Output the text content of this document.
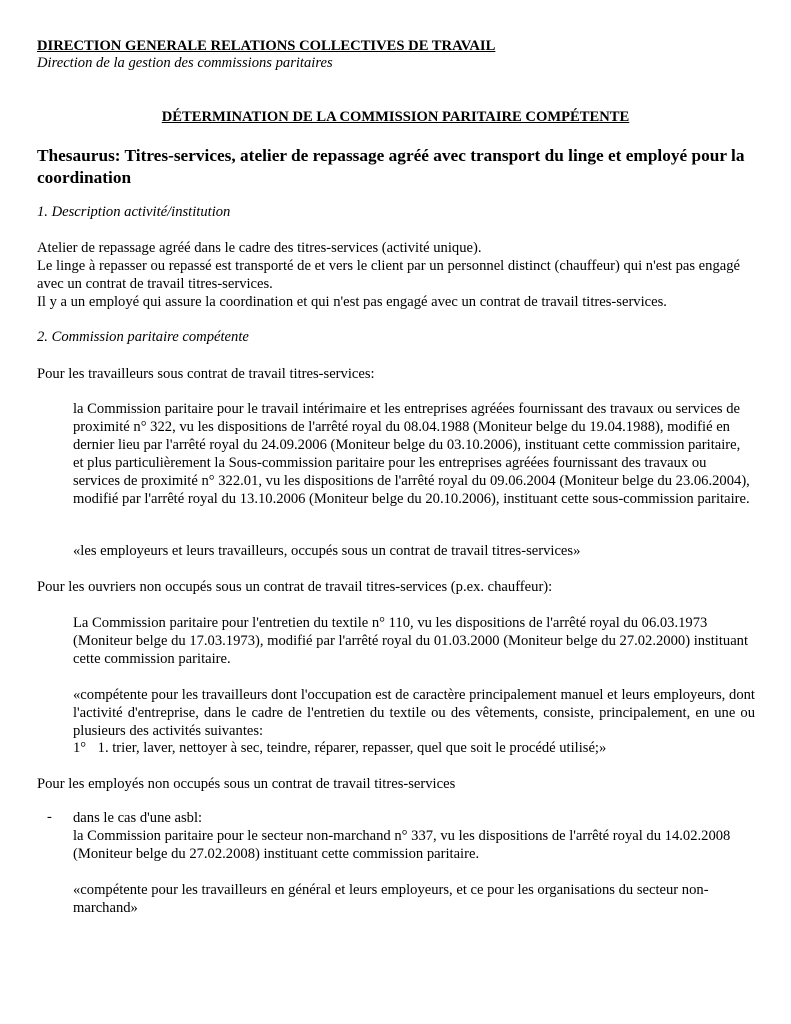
DIRECTION GENERALE RELATIONS COLLECTIVES DE TRAVAIL
Direction de la gestion des commissions paritaires
DÉTERMINATION DE LA COMMISSION PARITAIRE COMPÉTENTE
Thesaurus: Titres-services, atelier de repassage agréé avec transport du linge et employé pour la coordination
1. Description activité/institution
Atelier de repassage agréé dans le cadre des titres-services (activité unique).
Le linge à repasser ou repassé est transporté de et vers le client par un personnel distinct (chauffeur) qui n'est pas engagé avec un contrat de travail titres-services.
Il y a un employé qui assure la coordination et qui n'est pas engagé avec un contrat de travail titres-services.
2. Commission paritaire compétente
Pour les travailleurs sous contrat de travail titres-services:
la Commission paritaire pour le travail intérimaire et les entreprises agréées fournissant des travaux ou services de proximité n° 322, vu les dispositions de l'arrêté royal du 08.04.1988 (Moniteur belge du 19.04.1988), modifié en dernier lieu par l'arrêté royal du 24.09.2006 (Moniteur belge du 03.10.2006), instituant cette commission paritaire, et plus particulièrement la Sous-commission paritaire pour les entreprises agréées fournissant des travaux ou services de proximité n° 322.01, vu les dispositions de l'arrêté royal du 09.06.2004 (Moniteur belge du 23.06.2004), modifié par l'arrêté royal du 13.10.2006 (Moniteur belge du 20.10.2006), instituant cette sous-commission paritaire.
«les employeurs et leurs travailleurs, occupés sous un contrat de travail titres-services»
Pour les ouvriers non occupés sous un contrat de travail titres-services (p.ex. chauffeur):
La Commission paritaire pour l'entretien du textile n° 110, vu les dispositions de l'arrêté royal du 06.03.1973 (Moniteur belge du 17.03.1973), modifié par l'arrêté royal du 01.03.2000 (Moniteur belge du 27.02.2000) instituant cette commission paritaire.
«compétente pour les travailleurs dont l'occupation est de caractère principalement manuel et leurs employeurs, dont l'activité d'entreprise, dans le cadre de l'entretien du textile ou des vêtements, consiste, principalement, en une ou plusieurs des activités suivantes:
1° 1. trier, laver, nettoyer à sec, teindre, réparer, repasser, quel que soit le procédé utilisé;»
Pour les employés non occupés sous un contrat de travail titres-services
- dans le cas d'une asbl:
la Commission paritaire pour le secteur non-marchand n° 337, vu les dispositions de l'arrêté royal du 14.02.2008 (Moniteur belge du 27.02.2008) instituant cette commission paritaire.
«compétente pour les travailleurs en général et leurs employeurs, et ce pour les organisations du secteur non-marchand»
